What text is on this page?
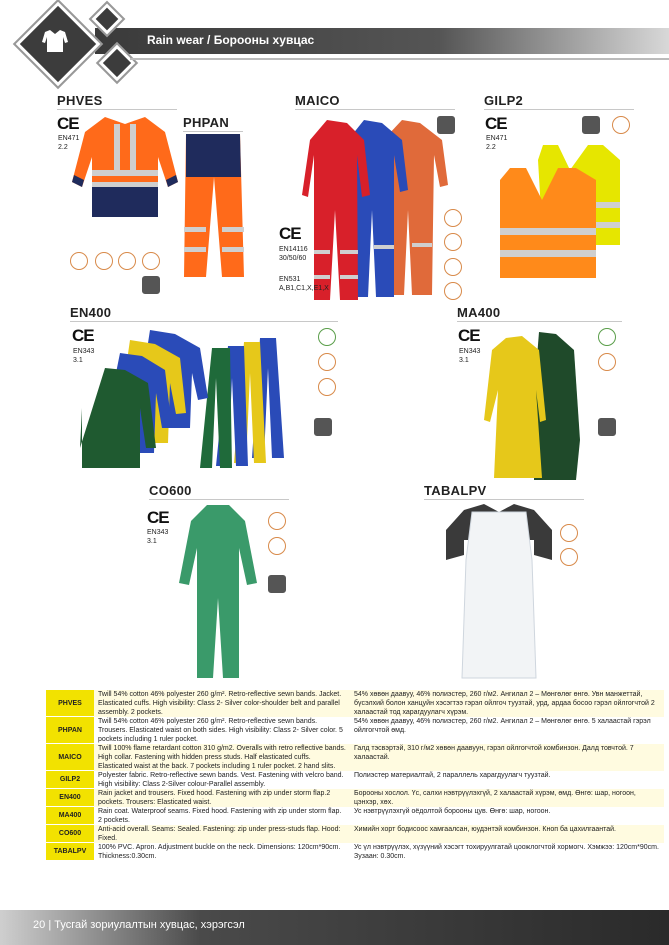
Rain wear / Борооны хувцас
PHVES
CE
EN471
2.2
PHPAN
MAICO
CE
EN14116
30/50/60
EN531
A,B1,C1,X,E1,X
GILP2
CE
EN471
2.2
EN400
CE
EN343
3.1
MA400
CE
EN343
3.1
CO600
CE
EN343
3.1
TABALPV
PHVES
Twill 54% cotton 46% polyester 260 g/m². Retro-reflective sewn bands. Jacket. Elasticated cuffs. High visibility: Class 2- Silver color-shoulder belt and parallel assembly. 2 pockets.
54% хөвөн даавуу, 46% полиэстер, 260 г/м2. Ангилал 2 – Мөнгөлөг өнгө. Увн манжеттай, бүсэлхий болон ханцуйн хэсэгтээ гэрэл ойлгоч туузтай, урд, ардаа босоо гэрэл ойлгогчтой 2 халаастай тод харагдуулагч хүрэм.
PHPAN
Twill 54% cotton 46% polyester 260 g/m². Retro-reflective sewn bands. Trousers. Elasticated waist on both sides. High visibility: Class 2- Silver color. 5 pockets including 1 ruler pocket.
54% хөвөн даавуу, 46% полиэстер, 260 г/м2. Ангилал 2 – Мөнгөлөг өнгө. 5 халаастай гэрэл ойлгогчтой өмд.
MAICO
Twill 100% flame retardant cotton 310 g/m2. Overalls with retro reflective bands. High collar. Fastening with hidden press studs. Half elasticated cuffs. Elasticated waist at the back. 7 pockets including 1 ruler pocket. 2 hand slits.
Галд тэсвэртэй, 310 г/м2 хөвөн даавуун, гэрэл ойлгогчтой комбинзон. Далд товчтой. 7 халаастай.
GILP2
Polyester fabric. Retro-reflective sewn bands. Vest. Fastening with velcro band. High visibility: Class 2-Silver colour-Parallel assembly.
Полиэстер материалтай, 2 параллель харагдуулагч туузтай.
EN400
Rain jacket and trousers. Fixed hood. Fastening with zip under storm flap.2 pockets. Trousers: Elasticated waist.
Борооны хослол. Үс, салхи нэвтрүүлэхгүй, 2 халаастай хүрэм, өмд. Өнгө: шар, ногоон, цэнхэр, хөх.
MA400
Rain coat. Waterproof seams. Fixed hood. Fastening with zip under storm flap. 2 pockets.
Ус нэвтрүүлэхгүй оёдолтой борооны цув. Өнгө: шар, ногоон.
CO600
Anti-acid overall. Seams: Sealed. Fastening: zip under press-studs flap. Hood: Fixed.
Химийн хорт бодисоос хамгаалсан, юудэнтэй комбинзон. Кноп ба цахилгаантай.
TABALPV
100% PVC. Apron. Adjustment buckle on the neck. Dimensions: 120cm*90cm. Thickness:0.30cm.
Ус үл нэвтрүүлэх, хүзүүний хэсэгт тохируулгатай цоожлогчтой хормогч. Хэмжээ: 120cm*90cm. Зузаан: 0.30cm.
20 | Тусгай зориулалтын хувцас, хэрэгсэл
